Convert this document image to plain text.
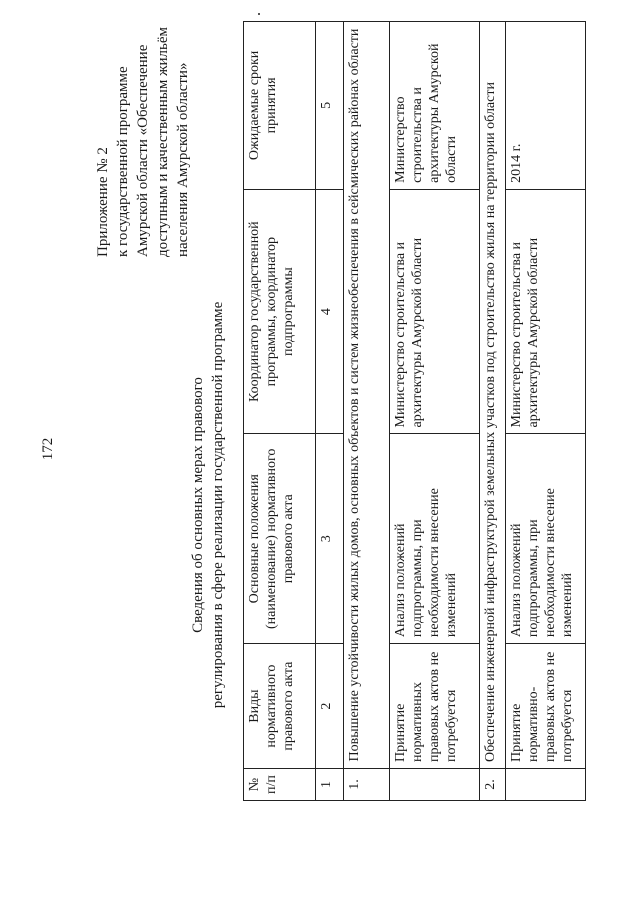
172
Приложение № 2 к государственной программе Амурской области «Обеспечение доступным и качественным жильём населения Амурской области»
Сведения об основных мерах правового регулирования в сфере реализации государственной программе
№ п/п	Виды нормативного правового акта	Основные положения (наименование) нормативного правового акта	Координатор государственной программы, координатор подпрограммы	Ожидаемые сроки принятия
1	2	3	4	5
1.	Повышение устойчивости жилых домов, основных объектов и систем жизнеобеспечения в сейсмических районах области			
	Принятие нормативных правовых актов не потребуется	Анализ положений подпрограммы, при необходимости внесение изменений	Министерство строительства и архитектуры Амурской области	Министерство строительства и архитектуры Амурской области
2.	Обеспечение инженерной инфраструктурой земельных участков под строительство жилья на территории области			
	Принятие нормативно-правовых актов не потребуется	Анализ положений подпрограммы, при необходимости внесение изменений	Министерство строительства и архитектуры Амурской области	2014 г.
